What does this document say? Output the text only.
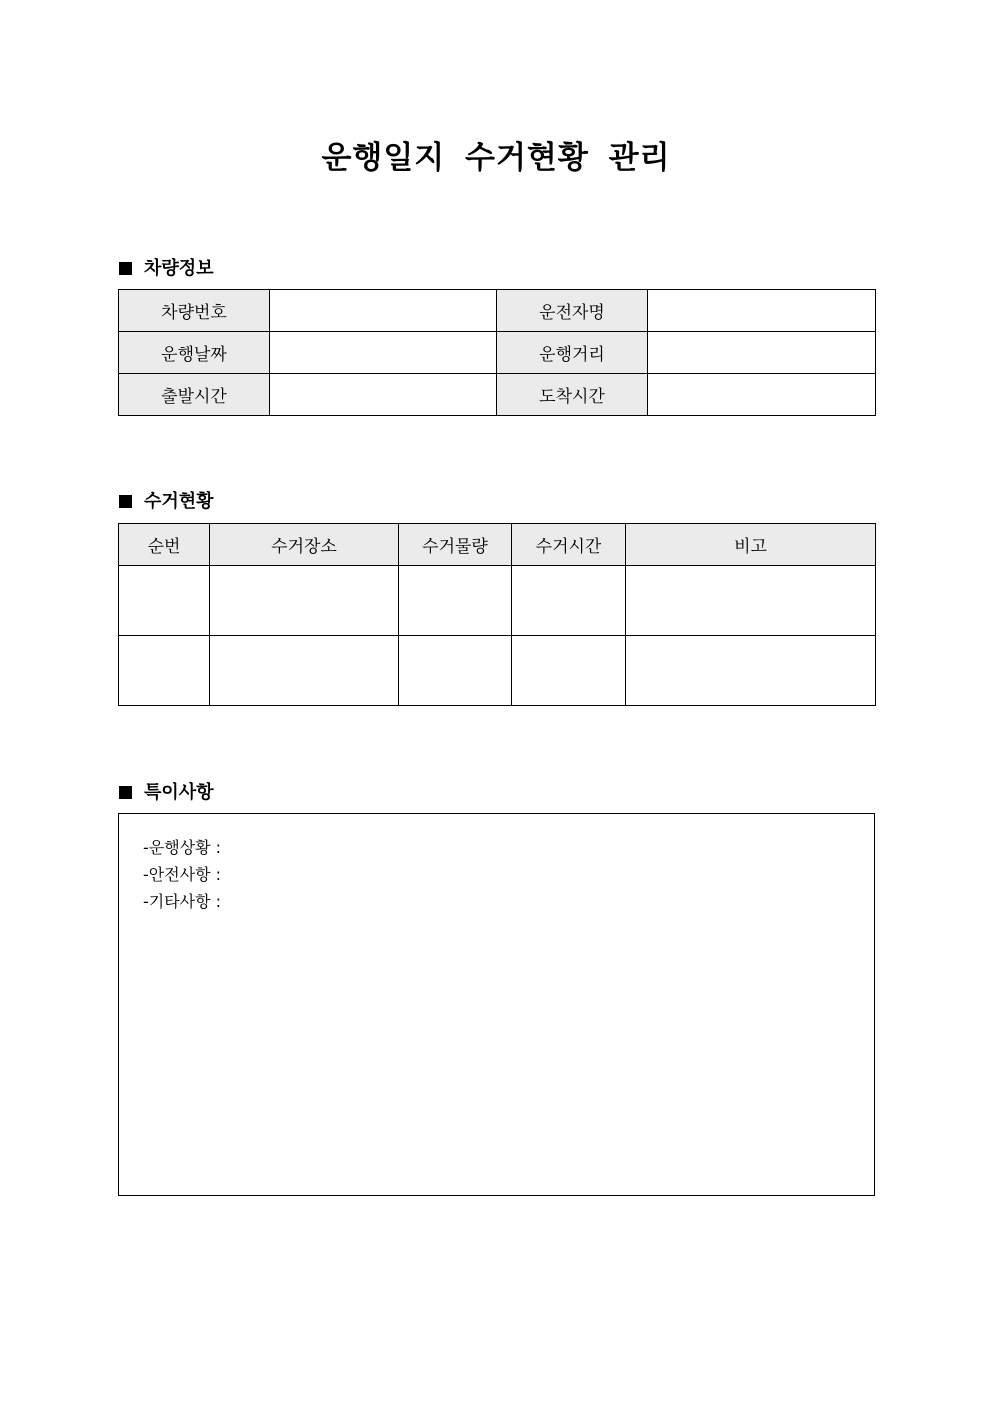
운행일지 수거현황 관리
차량정보
차량번호		운전자명	
운행날짜		운행거리	
출발시간		도착시간	
수거현황
순번	수거장소	수거물량	수거시간	비고

특이사항
-운행상황 :
-안전사항 :
-기타사항 :
